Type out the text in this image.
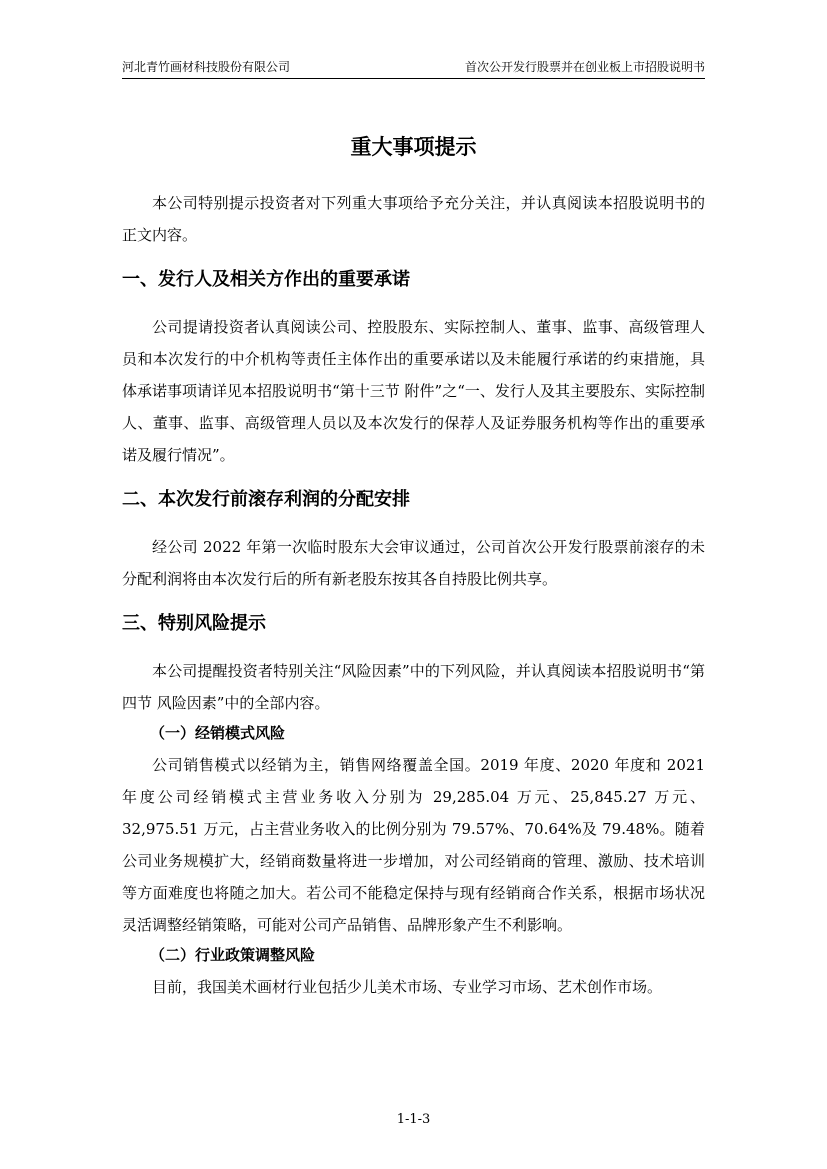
河北青竹画材科技股份有限公司	首次公开发行股票并在创业板上市招股说明书
重大事项提示

本公司特别提示投资者对下列重大事项给予充分关注，并认真阅读本招股说明书的正文内容。

一、发行人及相关方作出的重要承诺

公司提请投资者认真阅读公司、控股股东、实际控制人、董事、监事、高级管理人员和本次发行的中介机构等责任主体作出的重要承诺以及未能履行承诺的约束措施，具体承诺事项请详见本招股说明书“第十三节 附件”之“一、发行人及其主要股东、实际控制人、董事、监事、高级管理人员以及本次发行的保荐人及证券服务机构等作出的重要承诺及履行情况”。

二、本次发行前滚存利润的分配安排

经公司 2022 年第一次临时股东大会审议通过，公司首次公开发行股票前滚存的未分配利润将由本次发行后的所有新老股东按其各自持股比例共享。

三、特别风险提示

本公司提醒投资者特别关注“风险因素”中的下列风险，并认真阅读本招股说明书“第四节 风险因素”中的全部内容。

（一）经销模式风险

公司销售模式以经销为主，销售网络覆盖全国。2019 年度、2020 年度和 2021 年度公司经销模式主营业务收入分别为 29,285.04 万元、25,845.27 万元、32,975.51 万元，占主营业务收入的比例分别为 79.57%、70.64%及 79.48%。随着公司业务规模扩大，经销商数量将进一步增加，对公司经销商的管理、激励、技术培训等方面难度也将随之加大。若公司不能稳定保持与现有经销商合作关系，根据市场状况灵活调整经销策略，可能对公司产品销售、品牌形象产生不利影响。

（二）行业政策调整风险

目前，我国美术画材行业包括少儿美术市场、专业学习市场、艺术创作市场。

1-1-3
